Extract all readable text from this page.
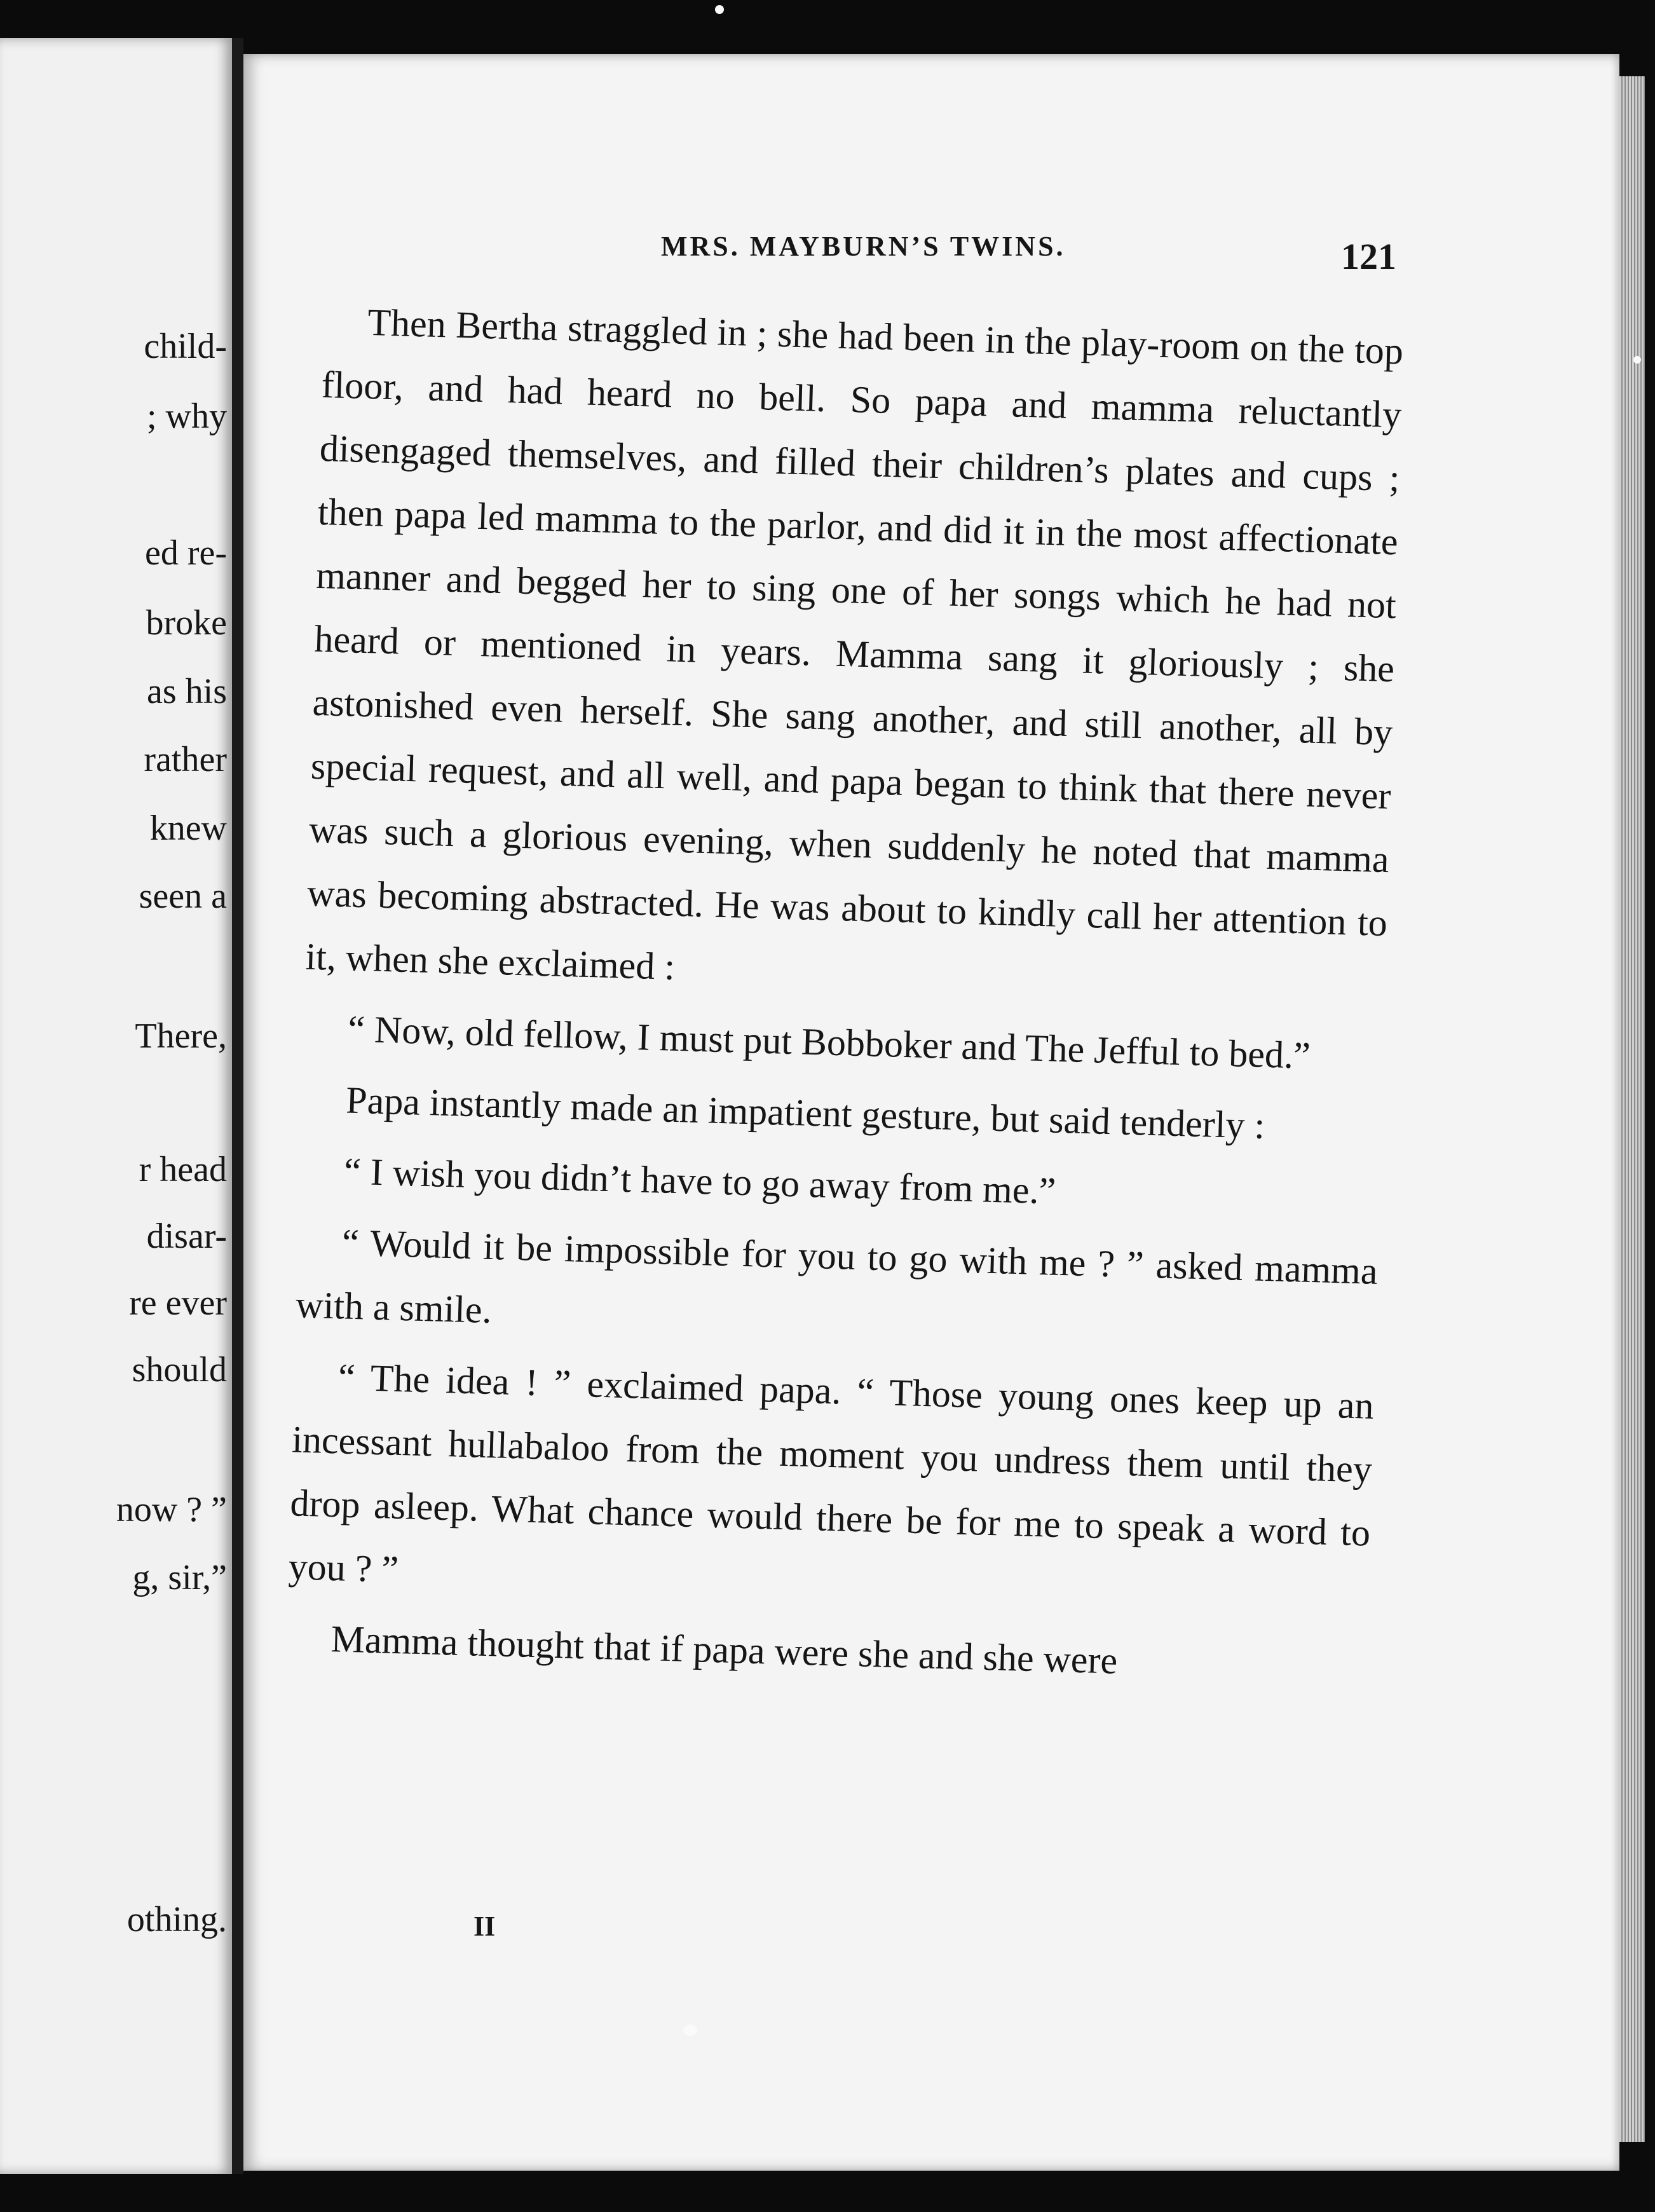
child-
; why
ed re-
broke
as his
rather
knew
seen a
There,
r head
disar-
re ever
should
now ? ”
g, sir,”
othing.
MRS. MAYBURN’S TWINS.	121

Then Bertha straggled in ; she had been in the play-room on the top floor, and had heard no bell. So papa and mamma reluctantly disengaged themselves, and filled their children’s plates and cups ; then papa led mamma to the parlor, and did it in the most affectionate manner and begged her to sing one of her songs which he had not heard or mentioned in years. Mamma sang it gloriously ; she astonished even herself. She sang another, and still another, all by special request, and all well, and papa began to think that there never was such a glorious evening, when suddenly he noted that mamma was becoming abstracted. He was about to kindly call her attention to it, when she exclaimed :

“ Now, old fellow, I must put Bobboker and The Jefful to bed.”

Papa instantly made an impatient gesture, but said tenderly :

“ I wish you didn’t have to go away from me.”

“ Would it be impossible for you to go with me ? ” asked mamma with a smile.

“ The idea ! ” exclaimed papa. “ Those young ones keep up an incessant hullabaloo from the moment you undress them until they drop asleep. What chance would there be for me to speak a word to you ? ”

Mamma thought that if papa were she and she were

II
